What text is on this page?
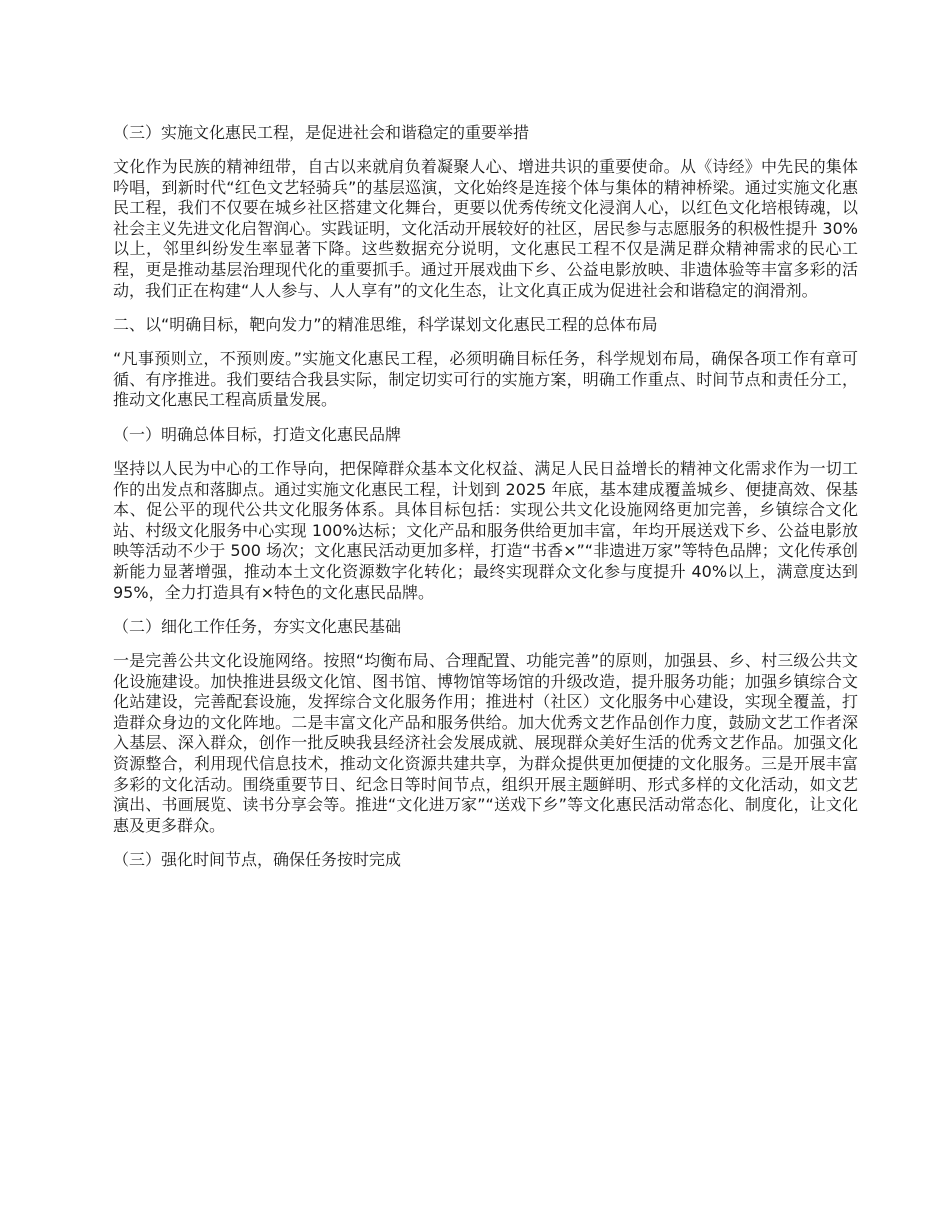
（三）实施文化惠民工程，是促进社会和谐稳定的重要举措
文化作为民族的精神纽带，自古以来就肩负着凝聚人心、增进共识的重要使命。从《诗经》中先民的集体吟唱，到新时代“红色文艺轻骑兵”的基层巡演，文化始终是连接个体与集体的精神桥梁。通过实施文化惠民工程，我们不仅要在城乡社区搭建文化舞台，更要以优秀传统文化浸润人心，以红色文化培根铸魂，以社会主义先进文化启智润心。实践证明，文化活动开展较好的社区，居民参与志愿服务的积极性提升 30%以上，邻里纠纷发生率显著下降。这些数据充分说明，文化惠民工程不仅是满足群众精神需求的民心工程，更是推动基层治理现代化的重要抓手。通过开展戏曲下乡、公益电影放映、非遗体验等丰富多彩的活动，我们正在构建“人人参与、人人享有”的文化生态，让文化真正成为促进社会和谐稳定的润滑剂。
二、以“明确目标，靶向发力”的精准思维，科学谋划文化惠民工程的总体布局
“凡事预则立，不预则废。”实施文化惠民工程，必须明确目标任务，科学规划布局，确保各项工作有章可循、有序推进。我们要结合我县实际，制定切实可行的实施方案，明确工作重点、时间节点和责任分工，推动文化惠民工程高质量发展。
（一）明确总体目标，打造文化惠民品牌
坚持以人民为中心的工作导向，把保障群众基本文化权益、满足人民日益增长的精神文化需求作为一切工作的出发点和落脚点。通过实施文化惠民工程，计划到 2025 年底，基本建成覆盖城乡、便捷高效、保基本、促公平的现代公共文化服务体系。具体目标包括：实现公共文化设施网络更加完善，乡镇综合文化站、村级文化服务中心实现 100%达标；文化产品和服务供给更加丰富，年均开展送戏下乡、公益电影放映等活动不少于 500 场次；文化惠民活动更加多样，打造“书香×”“非遗进万家”等特色品牌；文化传承创新能力显著增强，推动本土文化资源数字化转化；最终实现群众文化参与度提升 40%以上，满意度达到 95%，全力打造具有×特色的文化惠民品牌。
（二）细化工作任务，夯实文化惠民基础
一是完善公共文化设施网络。按照“均衡布局、合理配置、功能完善”的原则，加强县、乡、村三级公共文化设施建设。加快推进县级文化馆、图书馆、博物馆等场馆的升级改造，提升服务功能；加强乡镇综合文化站建设，完善配套设施，发挥综合文化服务作用；推进村（社区）文化服务中心建设，实现全覆盖，打造群众身边的文化阵地。二是丰富文化产品和服务供给。加大优秀文艺作品创作力度，鼓励文艺工作者深入基层、深入群众，创作一批反映我县经济社会发展成就、展现群众美好生活的优秀文艺作品。加强文化资源整合，利用现代信息技术，推动文化资源共建共享，为群众提供更加便捷的文化服务。三是开展丰富多彩的文化活动。围绕重要节日、纪念日等时间节点，组织开展主题鲜明、形式多样的文化活动，如文艺演出、书画展览、读书分享会等。推进“文化进万家”“送戏下乡”等文化惠民活动常态化、制度化，让文化惠及更多群众。
（三）强化时间节点，确保任务按时完成
